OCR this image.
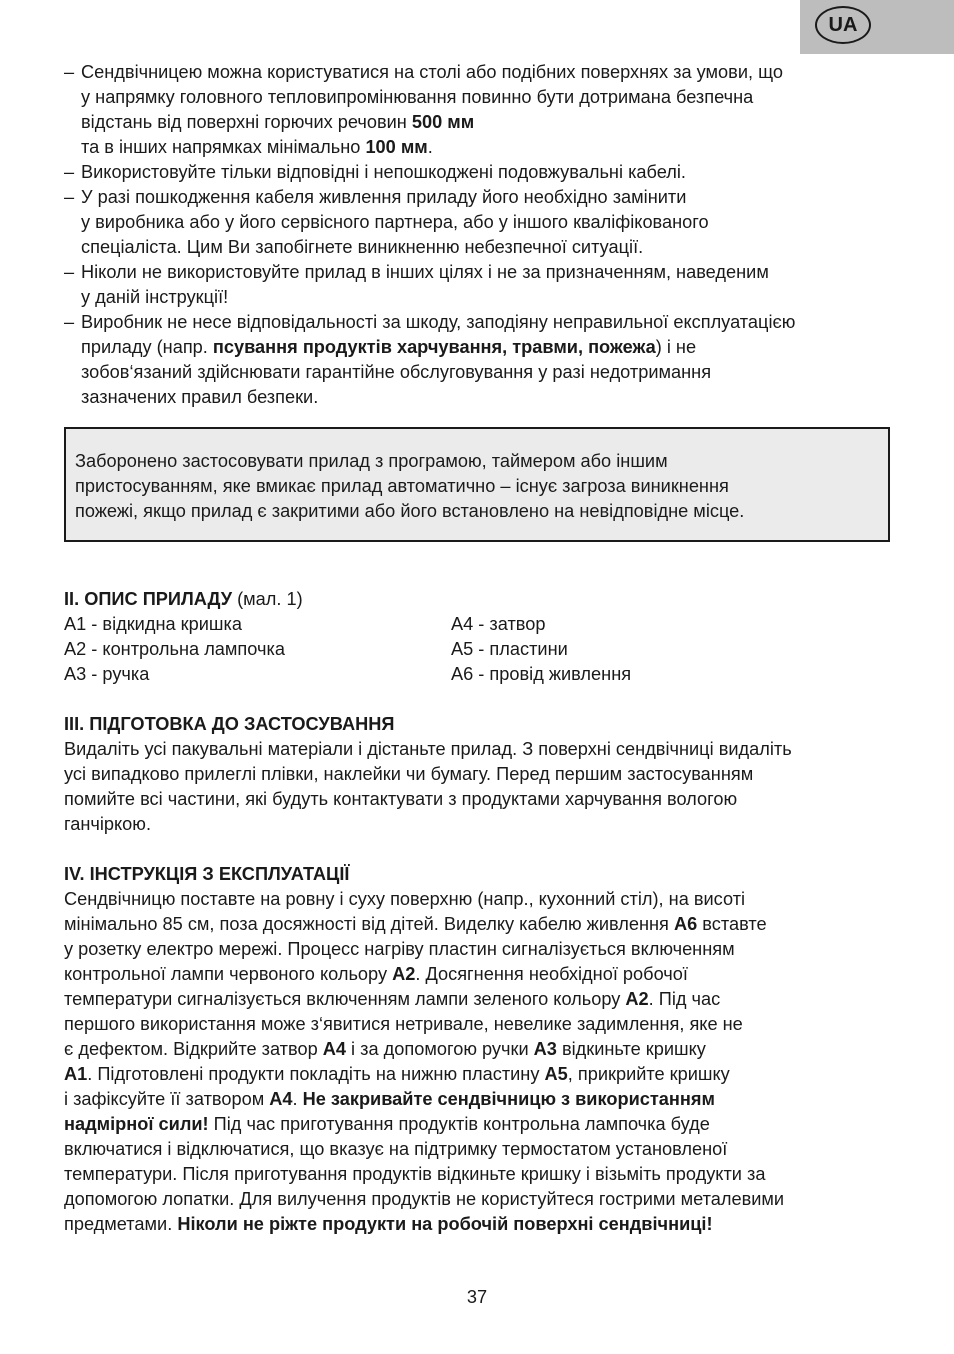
UA
– Сендвічницею можна користуватися на столі або подібних поверхнях за умови, що
у напрямку головного тепловипромінювання повинно бути дотримана безпечна
відстань від поверхні горючих речовин 500 мм
та в інших напрямках мінімально 100 мм.
– Використовуйте тільки відповідні і непошкоджені подовжувальні кабелі.
– У разі пошкодження кабеля живлення приладу його необхідно замінити
у виробника або у його сервісного партнера, або у іншого кваліфікованого
спеціаліста. Цим Ви запобігнете виникненню небезпечної ситуації.
– Ніколи не використовуйте прилад в інших цілях і не за призначенням, наведеним
у даній інструкції!
– Виробник не несе відповідальності за шкоду, заподіяну неправильної експлуатацією
приладу (напр. псування продуктів харчування, травми, пожежа) і не
зобов‘язаний здійснювати гарантійне обслуговування у разі недотримання
зазначених правил безпеки.
Заборонено застосовувати прилад з програмою, таймером або іншим
пристосуванням, яке вмикає прилад автоматично – існує загроза виникнення
пожежі, якщо прилад є закритими або його встановлено на невідповідне місце.
II. ОПИС ПРИЛАДУ (мал. 1)
A1 - відкидна кришка
A2 - контрольна лампочка
A3 - ручка
A4 - затвор
A5 - пластини
A6 - провід живлення
III. ПІДГОТОВКА ДО ЗАСТОСУВАННЯ
Видаліть усі пакувальні матеріали і дістаньте прилад. З поверхні сендвічниці видаліть
усі випадково прилеглі плівки, наклейки чи бумагу. Перед першим застосуванням
помийте всі частини, які будуть контактувати з продуктами харчування вологою
ганчіркою.
IV. ІНСТРУКЦІЯ З ЕКСПЛУАТАЦІЇ
Сендвічницю поставте на ровну і суху поверхню (напр., кухонний стіл), на висоті
мінімально 85 см, поза досяжності від дітей. Виделку кабелю живлення A6 вставте
у розетку електро мережі. Процесс нагріву пластин сигналізується включенням
контрольної лампи червоного кольору A2. Досягнення необхідної робочої
температури сигналізується включенням лампи зеленого кольору A2. Під час
першого використання може з‘явитися нетривале, невелике задимлення, яке не
є дефектом. Відкрийте затвор A4 і за допомогою ручки A3 відкиньте кришку
A1. Підготовлені продукти покладіть на нижню пластину A5, прикрийте кришку
і зафіксуйте її затвором A4. Не закривайте сендвічницю з використанням
надмірної сили! Під час приготування продуктів контрольна лампочка буде
включатися і відключатися, що вказує на підтримку термостатом установленої
температури. Після приготування продуктів відкиньте кришку і візьміть продукти за
допомогою лопатки. Для вилучення продуктів не користуйтеся гострими металевими
предметами. Ніколи не ріжте продукти на робочій поверхні сендвічниці!
37
